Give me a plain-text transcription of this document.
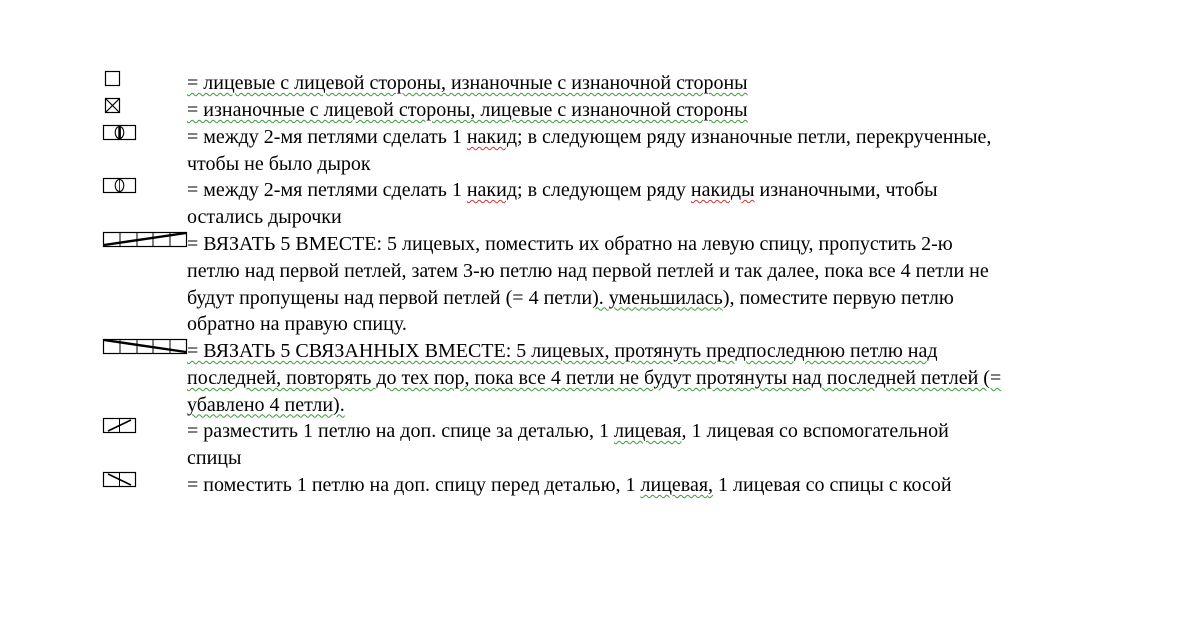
= лицевые с лицевой стороны, изнаночные с изнаночной стороны
= изнаночные с лицевой стороны, лицевые с изнаночной стороны
= между 2-мя петлями сделать 1 накид; в следующем ряду изнаночные петли, перекрученные,
чтобы не было дырок
= между 2-мя петлями сделать 1 накид; в следующем ряду накиды изнаночными, чтобы
остались дырочки
= ВЯЗАТЬ 5 ВМЕСТЕ: 5 лицевых, поместить их обратно на левую спицу, пропустить 2-ю
петлю над первой петлей, затем 3-ю петлю над первой петлей и так далее, пока все 4 петли не
будут пропущены над первой петлей (= 4 петли). уменьшилась), поместите первую петлю
обратно на правую спицу.
= ВЯЗАТЬ 5 СВЯЗАННЫХ ВМЕСТЕ: 5 лицевых, протянуть предпоследнюю петлю над
последней, повторять до тех пор, пока все 4 петли не будут протянуты над последней петлей (=
убавлено 4 петли).
= разместить 1 петлю на доп. спице за деталью, 1 лицевая, 1 лицевая со вспомогательной
спицы
= поместить 1 петлю на доп. спицу перед деталью, 1 лицевая, 1 лицевая со спицы с косой
